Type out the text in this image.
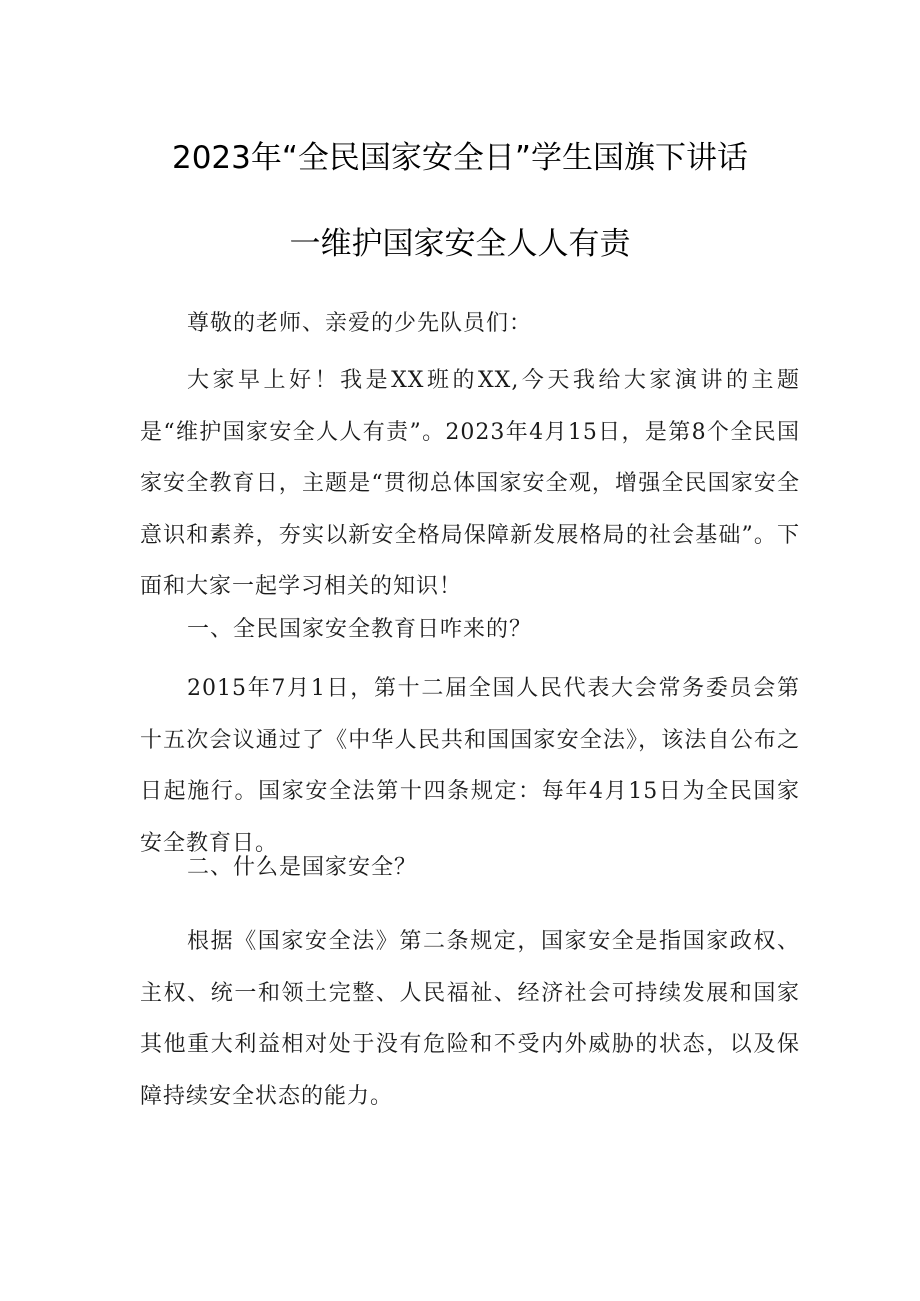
2023年“全民国家安全日”学生国旗下讲话
一维护国家安全人人有责

尊敬的老师、亲爱的少先队员们：

大家早上好！我是XX班的XX,今天我给大家演讲的主题是“维护国家安全人人有责”。2023年4月15日，是第8个全民国家安全教育日，主题是“贯彻总体国家安全观，增强全民国家安全意识和素养，夯实以新安全格局保障新发展格局的社会基础”。下面和大家一起学习相关的知识！

一、全民国家安全教育日咋来的？

2015年7月1日，第十二届全国人民代表大会常务委员会第十五次会议通过了《中华人民共和国国家安全法》，该法自公布之日起施行。国家安全法第十四条规定：每年4月15日为全民国家安全教育日。

二、什么是国家安全？

根据《国家安全法》第二条规定，国家安全是指国家政权、主权、统一和领土完整、人民福祉、经济社会可持续发展和国家其他重大利益相对处于没有危险和不受内外威胁的状态，以及保障持续安全状态的能力。
